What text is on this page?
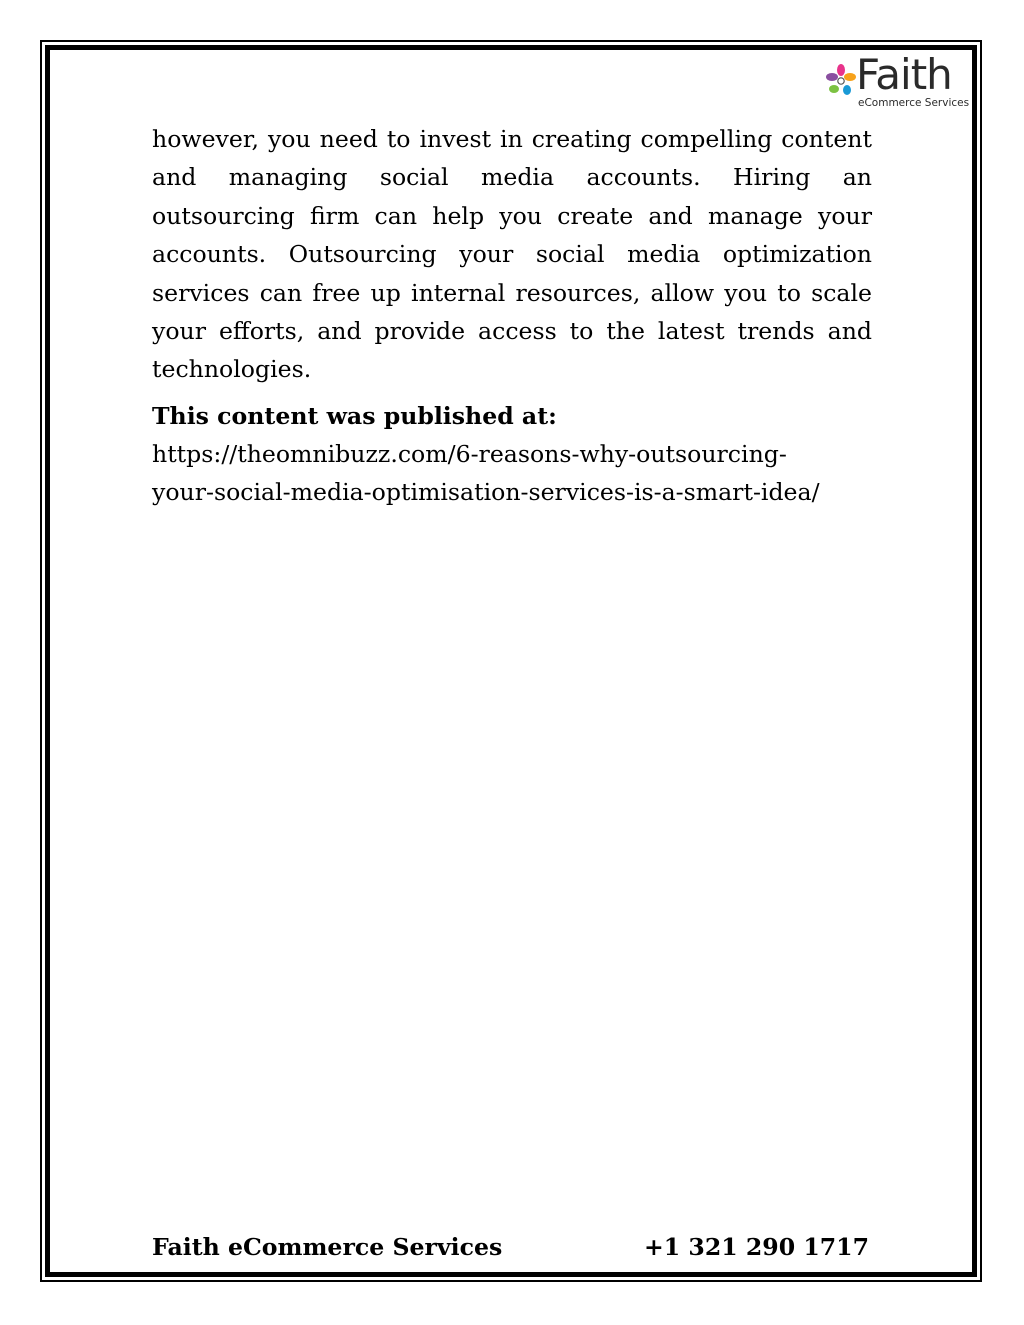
Faith
eCommerce Services

however, you need to invest in creating compelling content and managing social media accounts. Hiring an outsourcing firm can help you create and manage your accounts. Outsourcing your social media optimization services can free up internal resources, allow you to scale your efforts, and provide access to the latest trends and technologies.

This content was published at:
https://theomnibuzz.com/6-reasons-why-outsourcing-
your-social-media-optimisation-services-is-a-smart-idea/
Faith eCommerce Services	+1 321 290 1717
